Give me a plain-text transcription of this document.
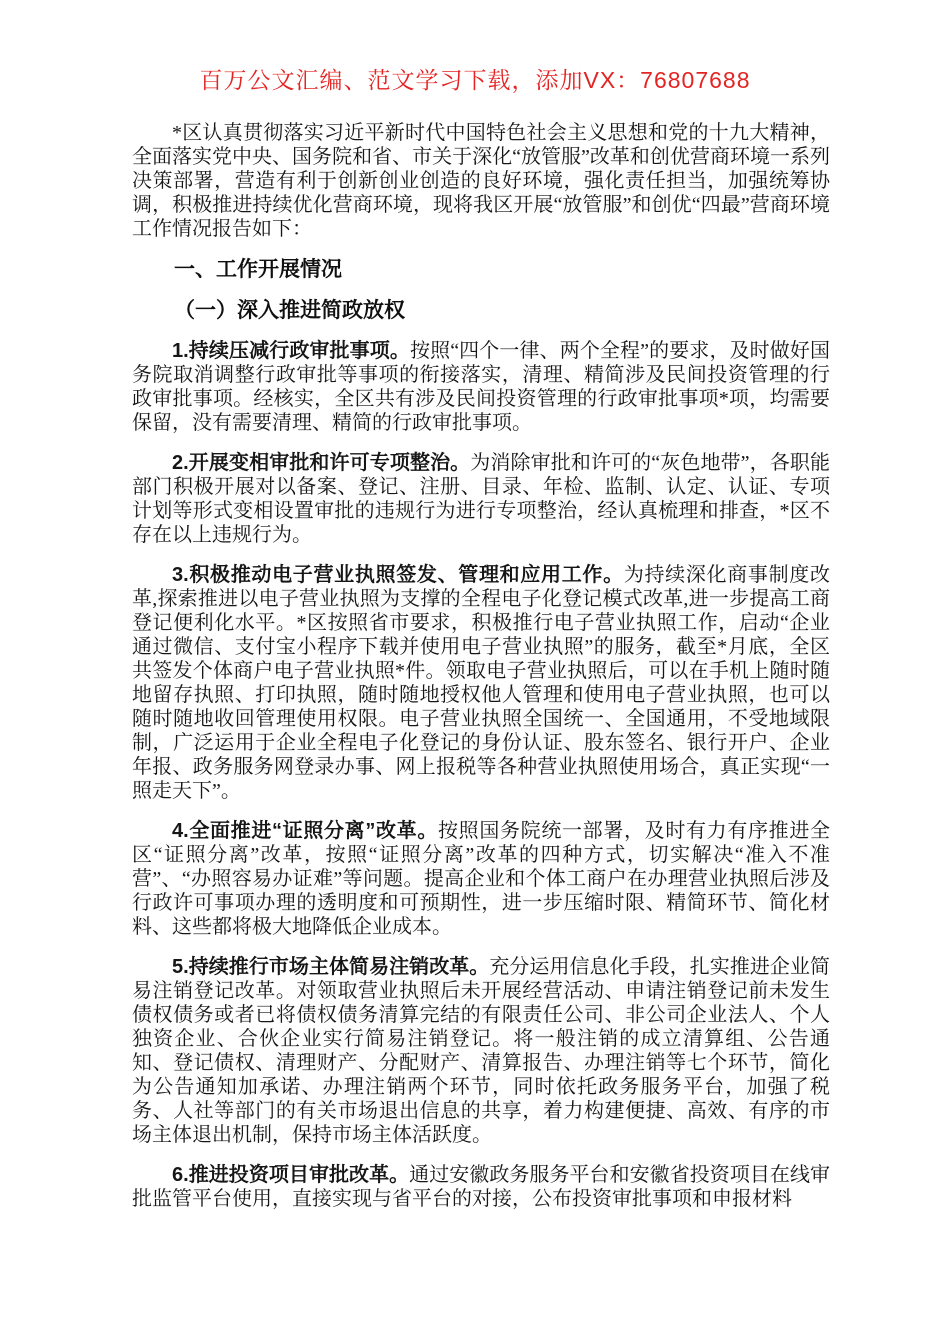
百万公文汇编、范文学习下载，添加VX：76807688

*区认真贯彻落实习近平新时代中国特色社会主义思想和党的十九大精神，全面落实党中央、国务院和省、市关于深化“放管服”改革和创优营商环境一系列决策部署，营造有利于创新创业创造的良好环境，强化责任担当，加强统筹协调，积极推进持续优化营商环境，现将我区开展“放管服”和创优“四最”营商环境工作情况报告如下：

一、工作开展情况

（一）深入推进简政放权

1.持续压减行政审批事项。按照“四个一律、两个全程”的要求，及时做好国务院取消调整行政审批等事项的衔接落实，清理、精简涉及民间投资管理的行政审批事项。经核实，全区共有涉及民间投资管理的行政审批事项*项，均需要保留，没有需要清理、精简的行政审批事项。

2.开展变相审批和许可专项整治。为消除审批和许可的“灰色地带”，各职能部门积极开展对以备案、登记、注册、目录、年检、监制、认定、认证、专项计划等形式变相设置审批的违规行为进行专项整治，经认真梳理和排查，*区不存在以上违规行为。

3.积极推动电子营业执照签发、管理和应用工作。为持续深化商事制度改革,探索推进以电子营业执照为支撑的全程电子化登记模式改革,进一步提高工商登记便利化水平。*区按照省市要求，积极推行电子营业执照工作，启动“企业通过微信、支付宝小程序下载并使用电子营业执照”的服务，截至*月底，全区共签发个体商户电子营业执照*件。领取电子营业执照后，可以在手机上随时随地留存执照、打印执照，随时随地授权他人管理和使用电子营业执照，也可以随时随地收回管理使用权限。电子营业执照全国统一、全国通用，不受地域限制，广泛运用于企业全程电子化登记的身份认证、股东签名、银行开户、企业年报、政务服务网登录办事、网上报税等各种营业执照使用场合，真正实现“一照走天下”。

4.全面推进“证照分离”改革。按照国务院统一部署，及时有力有序推进全区“证照分离”改革，按照“证照分离”改革的四种方式，切实解决“准入不准营”、“办照容易办证难”等问题。提高企业和个体工商户在办理营业执照后涉及行政许可事项办理的透明度和可预期性，进一步压缩时限、精简环节、简化材料、这些都将极大地降低企业成本。

5.持续推行市场主体简易注销改革。充分运用信息化手段，扎实推进企业简易注销登记改革。对领取营业执照后未开展经营活动、申请注销登记前未发生债权债务或者已将债权债务清算完结的有限责任公司、非公司企业法人、个人独资企业、合伙企业实行简易注销登记。将一般注销的成立清算组、公告通知、登记债权、清理财产、分配财产、清算报告、办理注销等七个环节，简化为公告通知加承诺、办理注销两个环节，同时依托政务服务平台，加强了税务、人社等部门的有关市场退出信息的共享，着力构建便捷、高效、有序的市场主体退出机制，保持市场主体活跃度。

6.推进投资项目审批改革。通过安徽政务服务平台和安徽省投资项目在线审批监管平台使用，直接实现与省平台的对接，公布投资审批事项和申报材料
